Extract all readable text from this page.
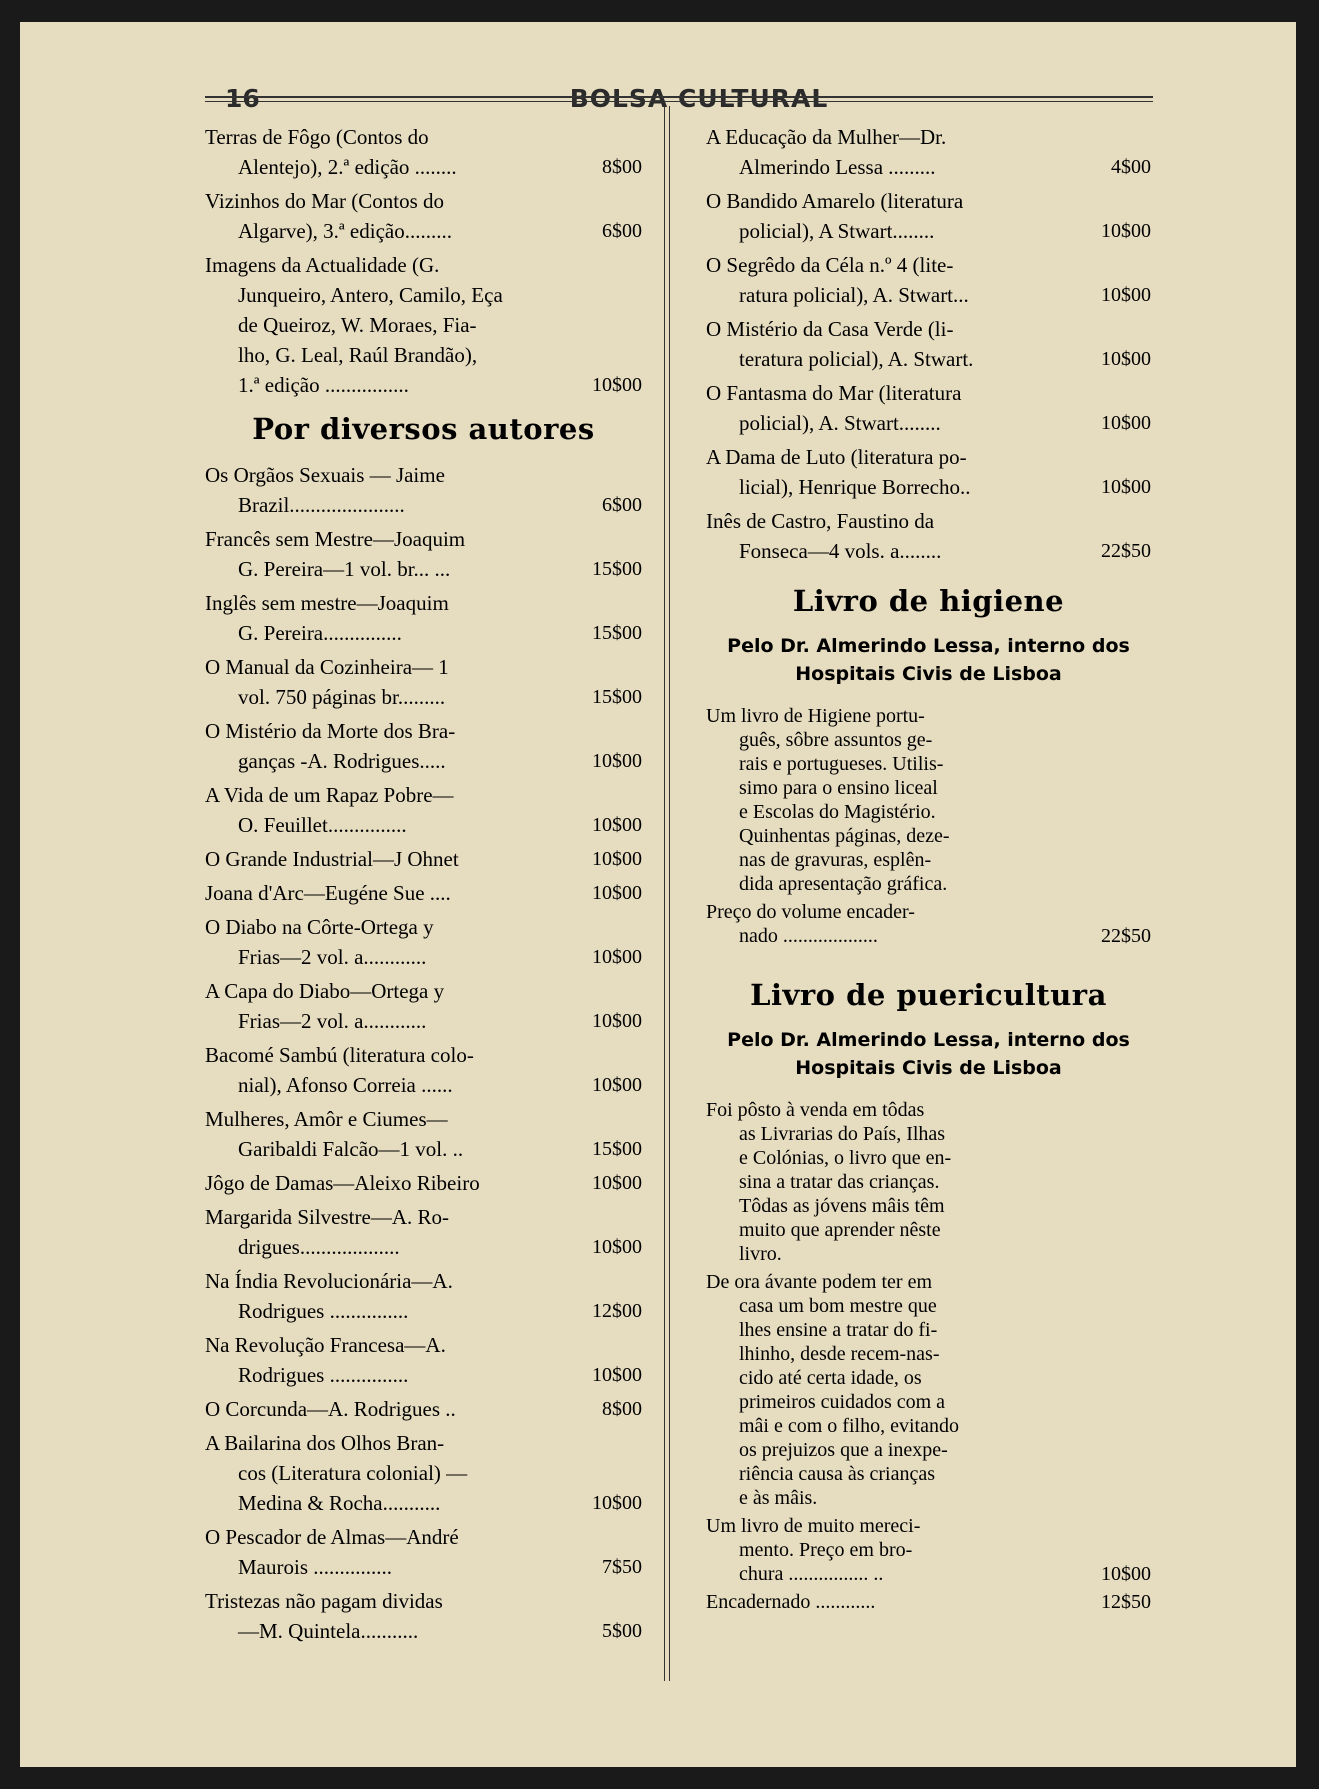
16	BOLSA CULTURAL
Terras de Fôgo (Contos do
Alentejo), 2.ª edição ........	8$00
Vizinhos do Mar (Contos do
Algarve), 3.ª edição.........	6$00
Imagens da Actualidade (G.
Junqueiro, Antero, Camilo, Eça
de Queiroz, W. Moraes, Fia-
lho, G. Leal, Raúl Brandão),
1.ª edição ................	10$00
Por diversos autores
Os Orgãos Sexuais — Jaime
Brazil......................	6$00
Francês sem Mestre—Joaquim
G. Pereira—1 vol. br... ...	15$00
Inglês sem mestre—Joaquim
G. Pereira...............	15$00
O Manual da Cozinheira— 1
vol. 750 páginas br.........	15$00
O Mistério da Morte dos Bra-
ganças -A. Rodrigues.....	10$00
A Vida de um Rapaz Pobre—
O. Feuillet...............	10$00
O Grande Industrial—J Ohnet	10$00
Joana d'Arc—Eugéne Sue ....	10$00
O Diabo na Côrte-Ortega y
Frias—2 vol. a............	10$00
A Capa do Diabo—Ortega y
Frias—2 vol. a............	10$00
Bacomé Sambú (literatura colo-
nial), Afonso Correia ......	10$00
Mulheres, Amôr e Ciumes—
Garibaldi Falcão—1 vol. ..	15$00
Jôgo de Damas—Aleixo Ribeiro	10$00
Margarida Silvestre—A. Ro-
drigues...................	10$00
Na Índia Revolucionária—A.
Rodrigues ...............	12$00
Na Revolução Francesa—A.
Rodrigues ...............	10$00
O Corcunda—A. Rodrigues ..	8$00
A Bailarina dos Olhos Bran-
cos (Literatura colonial) —
Medina & Rocha...........	10$00
O Pescador de Almas—André
Maurois ...............	7$50
Tristezas não pagam dividas
—M. Quintela...........	5$00
A Educação da Mulher—Dr.
Almerindo Lessa .........	4$00
O Bandido Amarelo (literatura
policial), A Stwart........	10$00
O Segrêdo da Céla n.º 4 (lite-
ratura policial), A. Stwart...	10$00
O Mistério da Casa Verde (li-
teratura policial), A. Stwart.	10$00
O Fantasma do Mar (literatura
policial), A. Stwart........	10$00
A Dama de Luto (literatura po-
licial), Henrique Borrecho..	10$00
Inês de Castro, Faustino da
Fonseca—4 vols. a........	22$50
Livro de higiene
Pelo Dr. Almerindo Lessa, interno dos
Hospitais Civis de Lisboa
Um livro de Higiene portu-
guês, sôbre assuntos ge-
rais e portugueses. Utilis-
simo para o ensino liceal
e Escolas do Magistério.
Quinhentas páginas, deze-
nas de gravuras, esplên-
dida apresentação gráfica.
Preço do volume encader-
nado ...................	22$50
Livro de puericultura
Pelo Dr. Almerindo Lessa, interno dos
Hospitais Civis de Lisboa
Foi pôsto à venda em tôdas
as Livrarias do País, Ilhas
e Colónias, o livro que en-
sina a tratar das crianças.
Tôdas as jóvens mâis têm
muito que aprender nêste
livro.
De ora ávante podem ter em
casa um bom mestre que
lhes ensine a tratar do fi-
lhinho, desde recem-nas-
cido até certa idade, os
primeiros cuidados com a
mâi e com o filho, evitando
os prejuizos que a inexpe-
riência causa às crianças
e às mâis.
Um livro de muito mereci-
mento. Preço em bro-
chura ................ ..	10$00
Encadernado ............	12$50
